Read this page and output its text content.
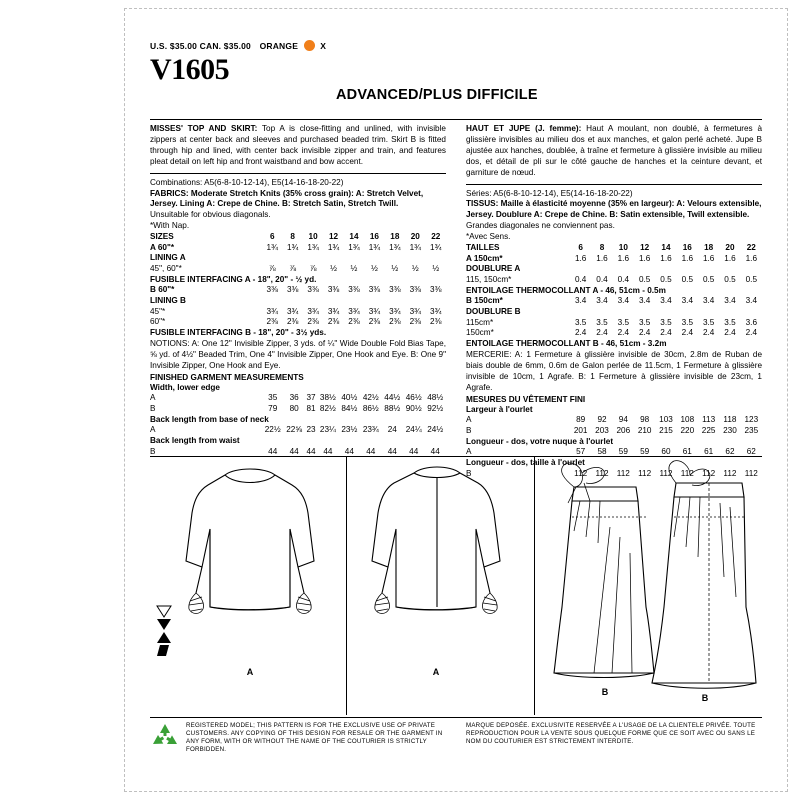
U.S. $35.00 CAN. $35.00 ORANGE	X
V1605
ADVANCED/PLUS DIFFICILE
MISSES' TOP AND SKIRT: Top A is close-fitting and unlined, with invisible zippers at center back and sleeves and purchased beaded trim. Skirt B is fitted through hip and lined, with center back invisible zipper and train, and features pleat detail on left hip and front waistband and bow accent.
Combinations: A5(6-8-10-12-14), E5(14-16-18-20-22)
FABRICS: Moderate Stretch Knits (35% cross grain): A: Stretch Velvet, Jersey. Lining A: Crepe de Chine. B: Stretch Satin, Stretch Twill.
Unsuitable for obvious diagonals.
*With Nap.
SIZES	6	8	10	12	14	16	18	20	22
A 60"*	1¾	1¾	1¾	1¾	1¾	1¾	1¾	1¾	1¾
LINING A									
45", 60"*	⅞	⅞	⅞	½	½	½	½	½	½
FUSIBLE INTERFACING A - 18", 20" - ½ yd.									
B 60"*	3⅜	3⅜	3⅜	3⅜	3⅜	3⅜	3⅜	3⅜	3⅜
LINING B									
45"*	3¾	3¾	3¾	3¾	3¾	3¾	3¾	3¾	3¾
60"*	2⅜	2⅜	2⅜	2⅜	2⅜	2⅜	2⅜	2⅜	2⅜
FUSIBLE INTERFACING B - 18", 20" - 3½ yds.
NOTIONS: A: One 12" Invisible Zipper, 3 yds. of ¼" Wide Double Fold Bias Tape, ⅝ yd. of 4½" Beaded Trim, One 4" Invisible Zipper, One Hook and Eye. B: One 9" Invisible Zipper, One Hook and Eye.
FINISHED GARMENT MEASUREMENTS
Width, lower edge									
A	35	36	37	38½	40½	42½	44½	46½	48½
B	79	80	81	82½	84½	86½	88½	90½	92½
Back length from base of neck									
A	22½	22⅝	23	23¼	23½	23¾	24	24¼	24½
Back length from waist									
B	44	44	44	44	44	44	44	44	44
HAUT ET JUPE (J. femme): Haut A moulant, non doublé, à fermetures à glissière invisibles au milieu dos et aux manches, et galon perlé acheté. Jupe B ajustée aux hanches, doublée, à traîne et fermeture à glissière invisible au milieu dos, et détail de pli sur le côté gauche de hanches et la ceinture devant, et garniture de nœud.
Séries: A5(6-8-10-12-14), E5(14-16-18-20-22)
TISSUS: Maille à élasticité moyenne (35% en largeur): A: Velours extensible, Jersey. Doublure A: Crepe de Chine. B: Satin extensible, Twill extensible.
Grandes diagonales ne conviennent pas.
*Avec Sens.
TAILLES	6	8	10	12	14	16	18	20	22
A 150cm*	1.6	1.6	1.6	1.6	1.6	1.6	1.6	1.6	1.6
DOUBLURE A									
115, 150cm*	0.4	0.4	0.4	0.5	0.5	0.5	0.5	0.5	0.5
ENTOILAGE THERMOCOLLANT A - 46, 51cm - 0.5m									
B 150cm*	3.4	3.4	3.4	3.4	3.4	3.4	3.4	3.4	3.4
DOUBLURE B									
115cm*	3.5	3.5	3.5	3.5	3.5	3.5	3.5	3.5	3.6
150cm*	2.4	2.4	2.4	2.4	2.4	2.4	2.4	2.4	2.4
ENTOILAGE THERMOCOLLANT B - 46, 51cm - 3.2m
MERCERIE: A: 1 Fermeture à glissière invisible de 30cm, 2.8m de Ruban de biais double de 6mm, 0.6m de Galon perlée de 11.5cm, 1 Fermeture à glissière invisible de 10cm, 1 Agrafe. B: 1 Fermeture à glissière invisible de 23cm, 1 Agrafe.
MESURES DU VÊTEMENT FINI
Largeur à l'ourlet									
A	89	92	94	98	103	108	113	118	123
B	201	203	206	210	215	220	225	230	235
Longueur - dos, votre nuque à l'ourlet									
A	57	58	59	59	60	61	61	62	62
Longueur - dos, taille à l'ourlet									
B	112	112	112	112	112	112	112	112	112
A	A
B
B
REGISTERED MODEL; THIS PATTERN IS FOR THE EXCLUSIVE USE OF PRIVATE CUSTOMERS. ANY COPYING OF THIS DESIGN FOR RESALE OR THE GARMENT IN ANY FORM, WITH OR WITHOUT THE NAME OF THE COUTURIER IS STRICTLY FORBIDDEN.
MARQUE DEPOSÉE. EXCLUSIVITE RESERVÉE A L'USAGE DE LA CLIENTELE PRIVÉE. TOUTE REPRODUCTION POUR LA VENTE SOUS QUELQUE FORME QUE CE SOIT AVEC OU SANS LE NOM DU COUTURIER EST STRICTEMENT INTERDITE.
